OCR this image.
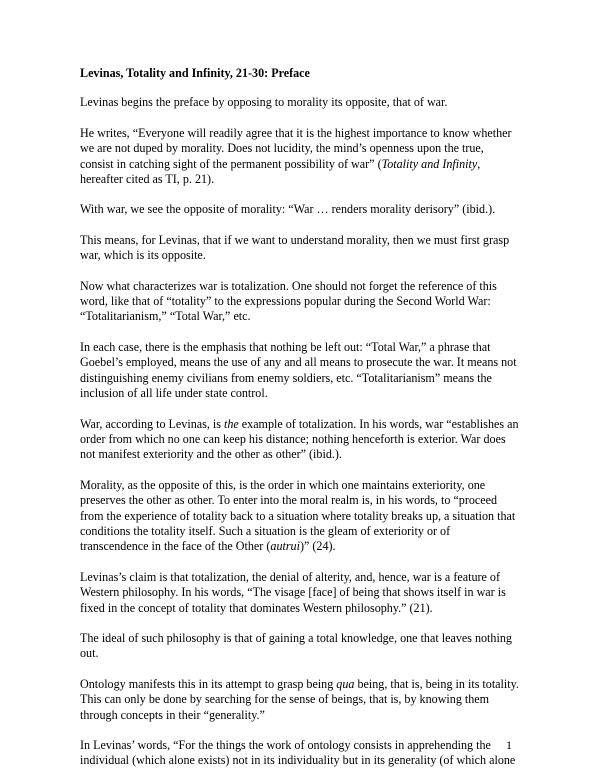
Levinas, Totality and Infinity, 21-30: Preface

Levinas begins the preface by opposing to morality its opposite, that of war.

He writes, “Everyone will readily agree that it is the highest importance to know whether we are not duped by morality. Does not lucidity, the mind’s openness upon the true, consist in catching sight of the permanent possibility of war” (Totality and Infinity, hereafter cited as TI, p. 21).

With war, we see the opposite of morality: “War … renders morality derisory” (ibid.).

This means, for Levinas, that if we want to understand morality, then we must first grasp war, which is its opposite.

Now what characterizes war is totalization. One should not forget the reference of this word, like that of “totality” to the expressions popular during the Second World War: “Totalitarianism,” “Total War,” etc.

In each case, there is the emphasis that nothing be left out: “Total War,” a phrase that Goebel’s employed, means the use of any and all means to prosecute the war. It means not distinguishing enemy civilians from enemy soldiers, etc. “Totalitarianism” means the inclusion of all life under state control.

War, according to Levinas, is the example of totalization. In his words, war “establishes an order from which no one can keep his distance; nothing henceforth is exterior. War does not manifest exteriority and the other as other” (ibid.).

Morality, as the opposite of this, is the order in which one maintains exteriority, one preserves the other as other. To enter into the moral realm is, in his words, to “proceed from the experience of totality back to a situation where totality breaks up, a situation that conditions the totality itself. Such a situation is the gleam of exteriority or of transcendence in the face of the Other (autrui)” (24).

Levinas’s claim is that totalization, the denial of alterity, and, hence, war is a feature of Western philosophy. In his words, “The visage [face] of being that shows itself in war is fixed in the concept of totality that dominates Western philosophy.” (21).

The ideal of such philosophy is that of gaining a total knowledge, one that leaves nothing out.

Ontology manifests this in its attempt to grasp being qua being, that is, being in its totality. This can only be done by searching for the sense of beings, that is, by knowing them through concepts in their “generality.”

In Levinas’ words, “For the things the work of ontology consists in apprehending the individual (which alone exists) not in its individuality but in its generality (of which alone

1
